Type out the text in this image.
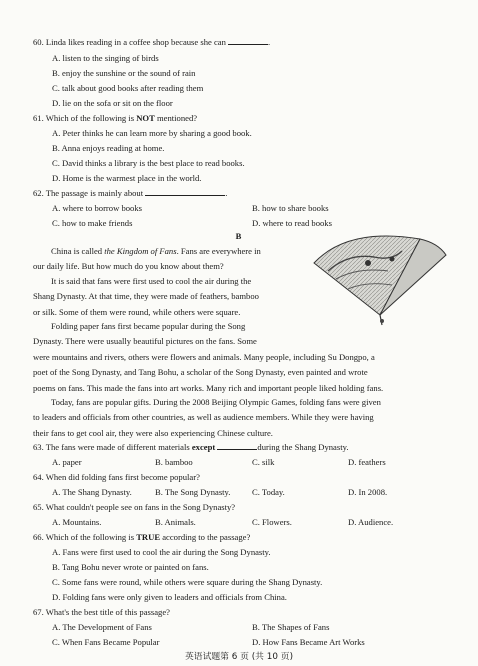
60. Linda likes reading in a coffee shop because she can	.
A. listen to the singing of birds
B. enjoy the sunshine or the sound of rain
C. talk about good books after reading them
D. lie on the sofa or sit on the floor
61. Which of the following is NOT mentioned?
A. Peter thinks he can learn more by sharing a good book.
B. Anna enjoys reading at home.
C. David thinks a library is the best place to read books.
D. Home is the warmest place in the world.
62. The passage is mainly about	.
A. where to borrow books	B. how to share books
C. how to make friends	D. where to read books
B
China is called the Kingdom of Fans. Fans are everywhere in
our daily life. But how much do you know about them?
It is said that fans were first used to cool the air during the
Shang Dynasty. At that time, they were made of feathers, bamboo
or silk. Some of them were round, while others were square.
Folding paper fans first became popular during the Song
Dynasty. There were usually beautiful pictures on the fans. Some
were mountains and rivers, others were flowers and animals. Many people, including Su Dongpo, a
poet of the Song Dynasty, and Tang Bohu, a scholar of the Song Dynasty, even painted and wrote
poems on fans. This made the fans into art works. Many rich and important people liked holding fans.
Today, fans are popular gifts. During the 2008 Beijing Olympic Games, folding fans were given
to leaders and officials from other countries, as well as audience members. While they were having
their fans to get cool air, they were also experiencing Chinese culture.
63. The fans were made of different materials except	during the Shang Dynasty.
A. paper	B. bamboo	C. silk	D. feathers
64. When did folding fans first become popular?
A. The Shang Dynasty.	B. The Song Dynasty.	C. Today.	D. In 2008.
65. What couldn't people see on fans in the Song Dynasty?
A. Mountains.	B. Animals.	C. Flowers.	D. Audience.
66. Which of the following is TRUE according to the passage?
A. Fans were first used to cool the air during the Song Dynasty.
B. Tang Bohu never wrote or painted on fans.
C. Some fans were round, while others were square during the Shang Dynasty.
D. Folding fans were only given to leaders and officials from China.
67. What's the best title of this passage?
A. The Development of Fans	B. The Shapes of Fans
C. When Fans Became Popular	D. How Fans Became Art Works
英语试题第 6 页 (共 10 页)
